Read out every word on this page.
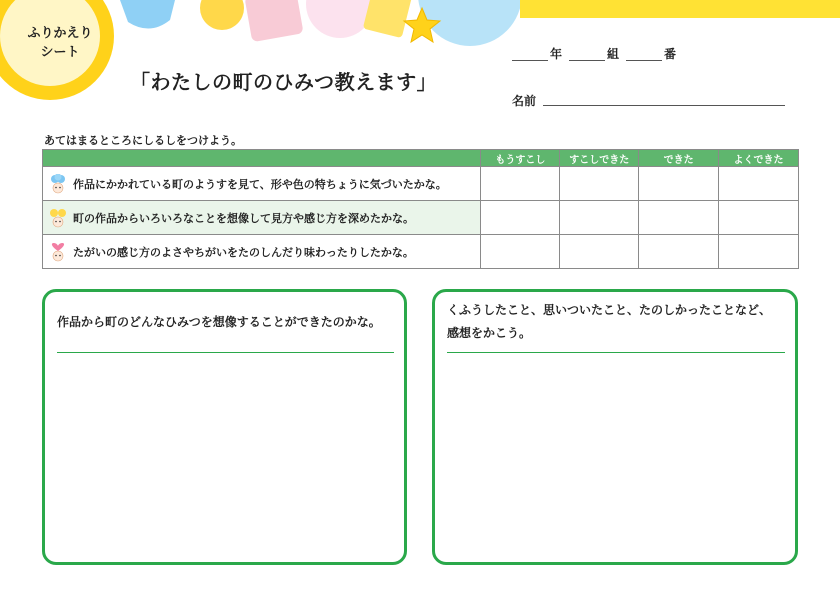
ふりかえり
シート
「わたしの町のひみつ教えます」
年	組	番
名前
あてはまるところにしるしをつけよう。
	もうすこし	すこしできた	できた	よくできた

作品にかかれている町のようすを見て、形や色の特ちょうに気づいたかな。				

町の作品からいろいろなことを想像して見方や感じ方を深めたかな。				

たがいの感じ方のよさやちがいをたのしんだり味わったりしたかな。				

作品から町のどんなひみつを想像することができたのかな。
くふうしたこと、思いついたこと、たのしかったことなど、
感想をかこう。
